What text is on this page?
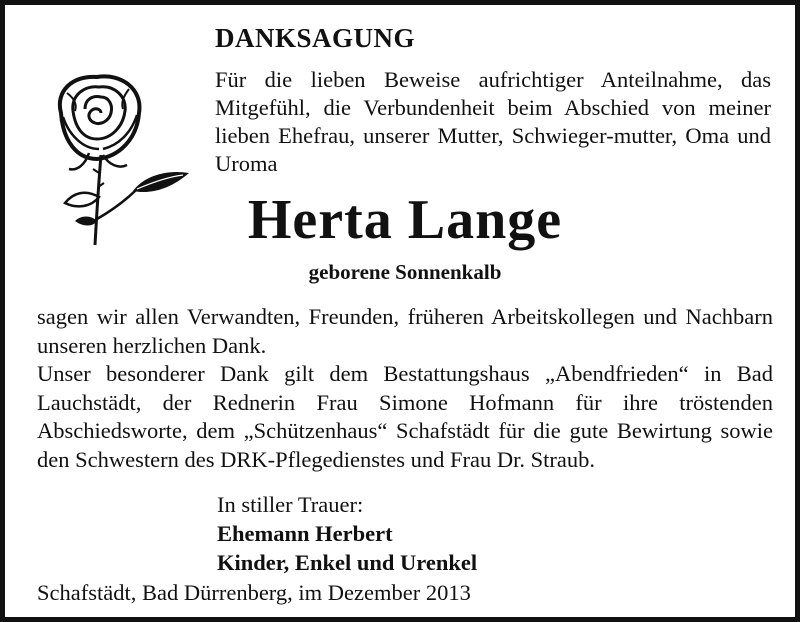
DANKSAGUNG
Für die lieben Beweise aufrichtiger Anteilnahme, das Mitgefühl, die Verbundenheit beim Abschied von meiner lieben Ehefrau, unserer Mutter, Schwieger-mutter, Oma und Uroma
Herta Lange
geborene Sonnenkalb

sagen wir allen Verwandten, Freunden, früheren Arbeitskollegen und Nachbarn unseren herzlichen Dank.

Unser besonderer Dank gilt dem Bestattungshaus „Abendfrieden“ in Bad Lauchstädt, der Rednerin Frau Simone Hofmann für ihre tröstenden Abschiedsworte, dem „Schützenhaus“ Schafstädt für die gute Bewirtung sowie den Schwestern des DRK-Pflegedienstes und Frau Dr. Straub.

In stiller Trauer:
Ehemann Herbert
Kinder, Enkel und Urenkel
Schafstädt, Bad Dürrenberg, im Dezember 2013
